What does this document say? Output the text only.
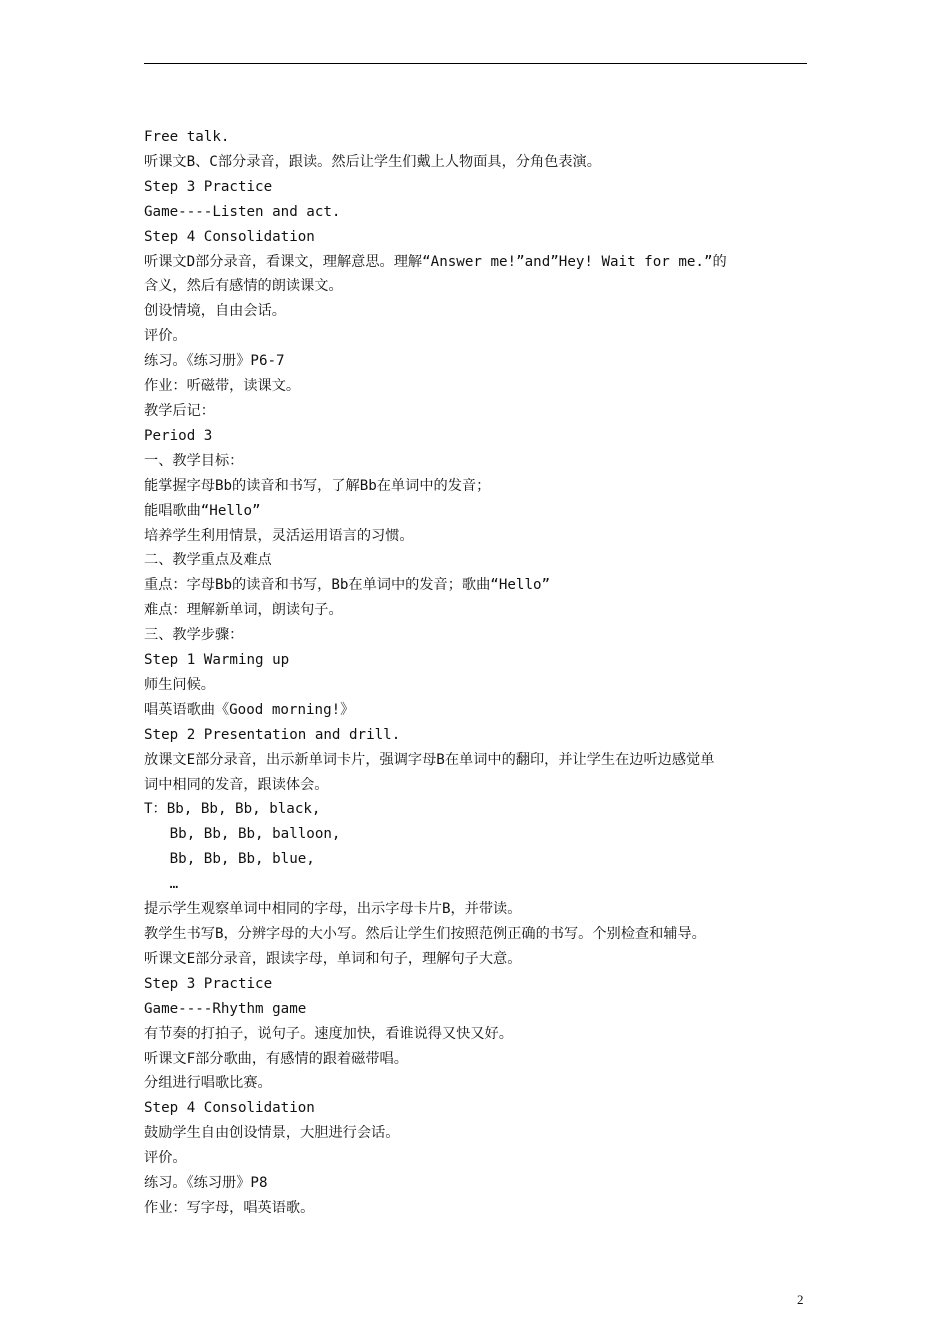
Free talk.
听课文B、C部分录音，跟读。然后让学生们戴上人物面具，分角色表演。
Step 3 Practice
Game----Listen and act.
Step 4 Consolidation
听课文D部分录音，看课文，理解意思。理解“Answer me!”and”Hey! Wait for me.”的
含义，然后有感情的朗读课文。
创设情境，自由会话。
评价。
练习。《练习册》P6-7
作业：听磁带，读课文。
教学后记：
Period 3
一、教学目标：
能掌握字母Bb的读音和书写，了解Bb在单词中的发音；
能唱歌曲“Hello”
培养学生利用情景，灵活运用语言的习惯。
二、教学重点及难点
重点：字母Bb的读音和书写，Bb在单词中的发音；歌曲“Hello”
难点：理解新单词，朗读句子。
三、教学步骤：
Step 1 Warming up
师生问候。
唱英语歌曲《Good morning!》
Step 2 Presentation and drill.
放课文E部分录音，出示新单词卡片，强调字母B在单词中的翻印，并让学生在边听边感觉单
词中相同的发音，跟读体会。
T：Bb, Bb, Bb, black,
Bb, Bb, Bb, balloon,
Bb, Bb, Bb, blue,
…
提示学生观察单词中相同的字母，出示字母卡片B，并带读。
教学生书写B，分辨字母的大小写。然后让学生们按照范例正确的书写。个别检查和辅导。
听课文E部分录音，跟读字母，单词和句子，理解句子大意。
Step 3 Practice
Game----Rhythm game
有节奏的打拍子，说句子。速度加快，看谁说得又快又好。
听课文F部分歌曲，有感情的跟着磁带唱。
分组进行唱歌比赛。
Step 4 Consolidation
鼓励学生自由创设情景，大胆进行会话。
评价。
练习。《练习册》P8
作业：写字母，唱英语歌。
2
